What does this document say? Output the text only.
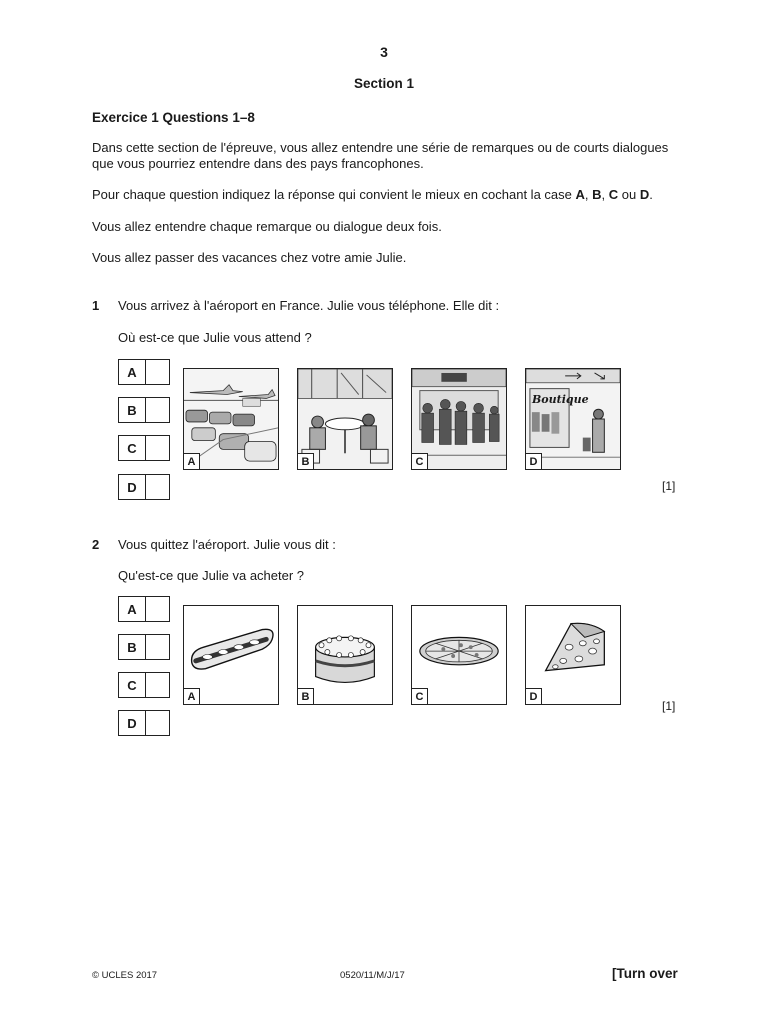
3
Section 1
Exercice 1 Questions 1–8
Dans cette section de l'épreuve, vous allez entendre une série de remarques ou de courts dialogues que vous pourriez entendre dans des pays francophones.
Pour chaque question indiquez la réponse qui convient le mieux en cochant la case A, B, C ou D.
Vous allez entendre chaque remarque ou dialogue deux fois.
Vous allez passer des vacances chez votre amie Julie.
1 Vous arrivez à l'aéroport en France. Julie vous téléphone. Elle dit :
Où est-ce que Julie vous attend ?
A
B
C
D
A	B	C
Boutique
D
[1]
2 Vous quittez l'aéroport. Julie vous dit :
Qu'est-ce que Julie va acheter ?
A
B
C
D
A	B	C	D
[1]
© UCLES 2017	0520/11/M/J/17	[Turn over
